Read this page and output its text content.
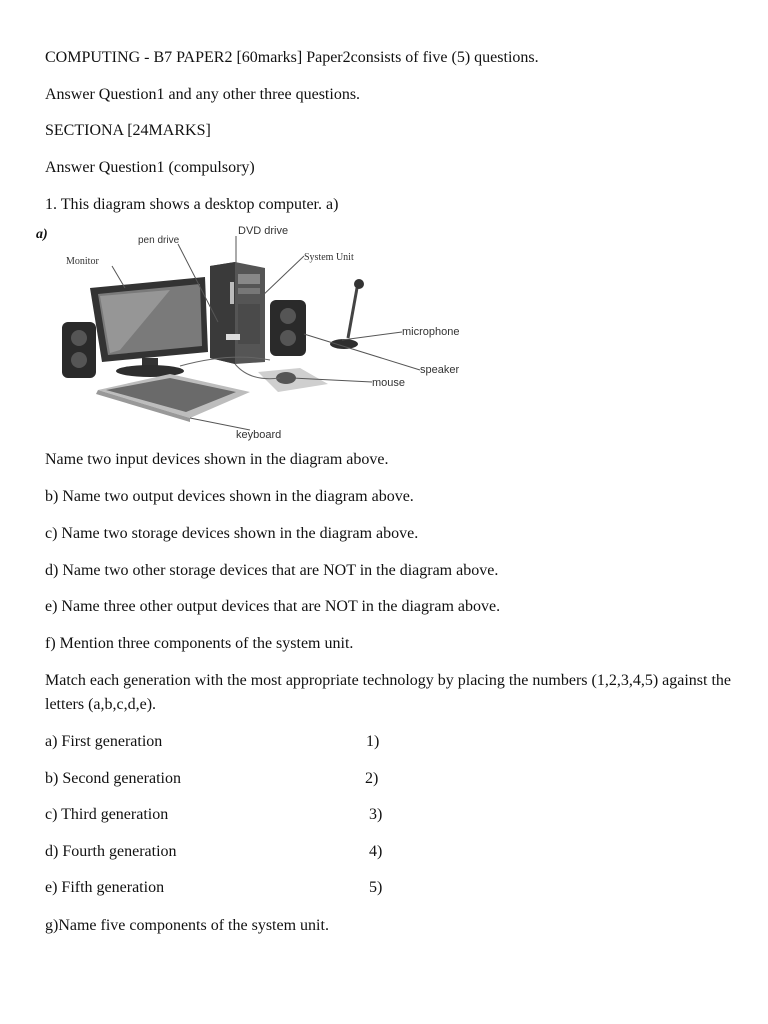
COMPUTING - B7 PAPER2 [60marks] Paper2consists of five (5) questions.
Answer Question1 and any other three questions.
SECTIONA [24MARKS]
Answer Question1 (compulsory)
1. This diagram shows a desktop computer. a)
a)
Monitor
pen drive
DVD drive
System Unit
microphone
speaker
mouse
keyboard
Name two input devices shown in the diagram above.
b) Name two output devices shown in the diagram above.
c) Name two storage devices shown in the diagram above.
d) Name two other storage devices that are NOT in the diagram above.
e) Name three other output devices that are NOT in the diagram above.
f) Mention three components of the system unit.
Match each generation with the most appropriate technology by placing the numbers (1,2,3,4,5) against the letters (a,b,c,d,e).
a) First generation	1)
b) Second generation	2)
c) Third generation	3)
d) Fourth generation	4)
e) Fifth generation	5)
g)Name five components of the system unit.
